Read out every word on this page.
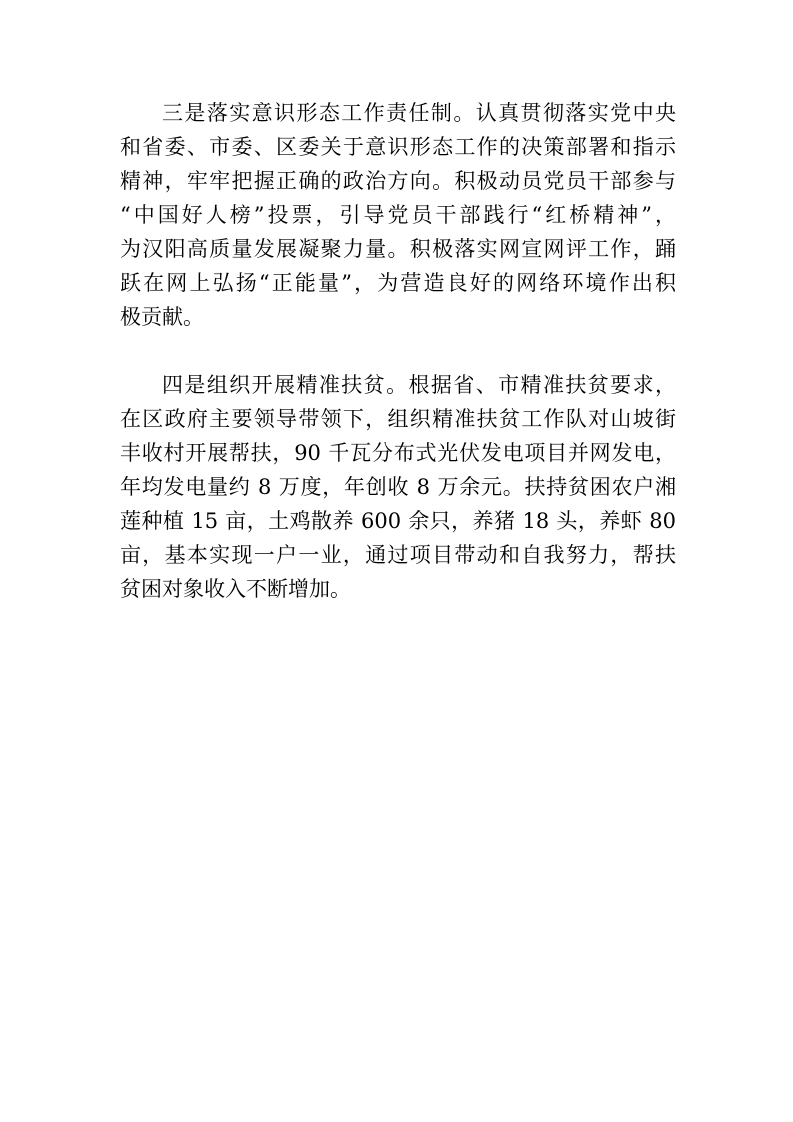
三是落实意识形态工作责任制。认真贯彻落实党中央
和省委、市委、区委关于意识形态工作的决策部署和指示
精神，牢牢把握正确的政治方向。积极动员党员干部参与
“中国好人榜”投票，引导党员干部践行“红桥精神”，
为汉阳高质量发展凝聚力量。积极落实网宣网评工作，踊
跃在网上弘扬“正能量”，为营造良好的网络环境作出积
极贡献。
四是组织开展精准扶贫。根据省、市精准扶贫要求，
在区政府主要领导带领下，组织精准扶贫工作队对山坡街
丰收村开展帮扶，90 千瓦分布式光伏发电项目并网发电，
年均发电量约 8 万度，年创收 8 万余元。扶持贫困农户湘
莲种植 15 亩，土鸡散养 600 余只，养猪 18 头，养虾 80
亩，基本实现一户一业，通过项目带动和自我努力，帮扶
贫困对象收入不断增加。
